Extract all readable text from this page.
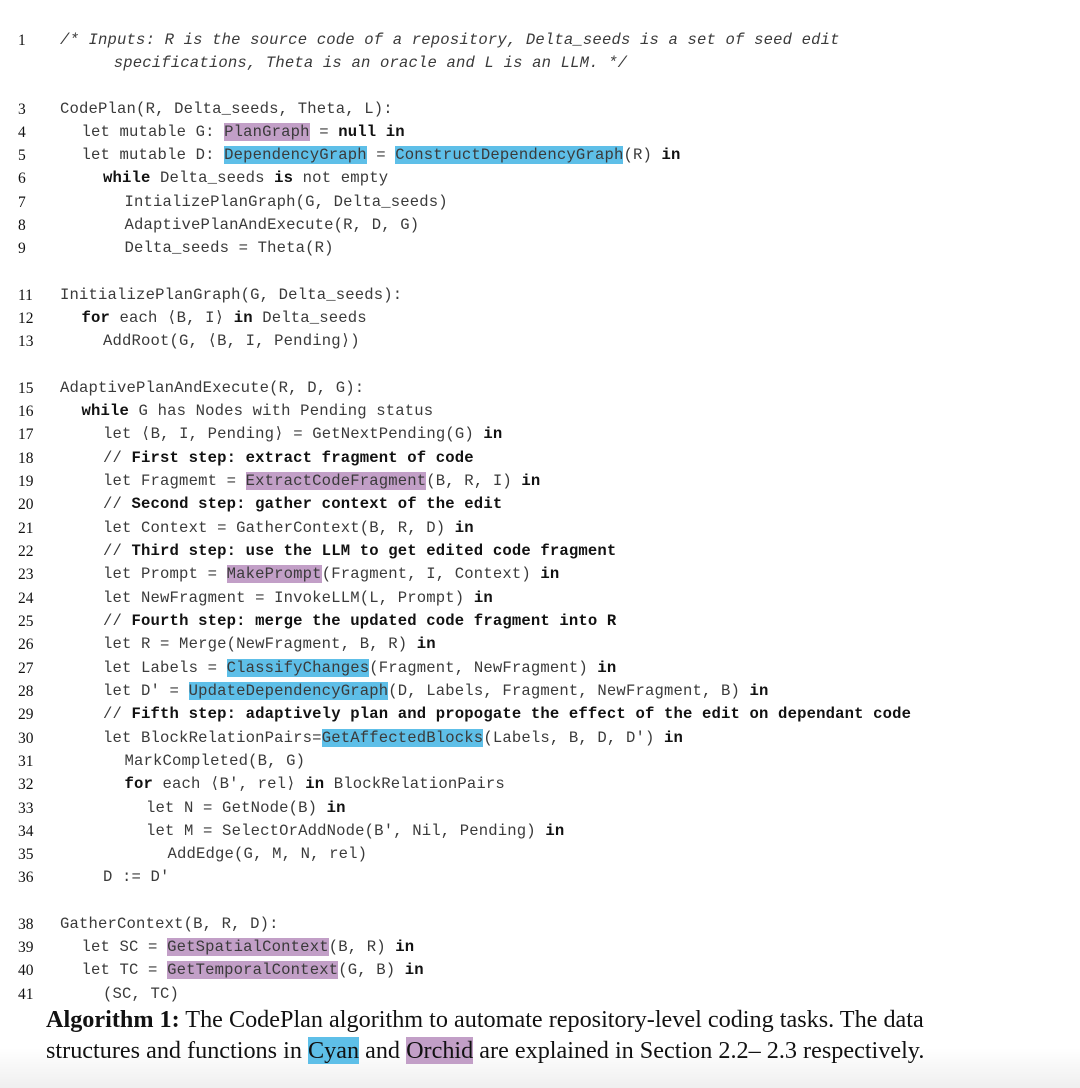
1	/* Inputs: R is the source code of a repository, Delta_seeds is a set of seed edit
specifications, Theta is an oracle and L is an LLM. */
3	CodePlan(R, Delta_seeds, Theta, L):
4	let mutable G: PlanGraph = null in
5	let mutable D: DependencyGraph = ConstructDependencyGraph(R) in
6	while Delta_seeds is not empty
7	IntializePlanGraph(G, Delta_seeds)
8	AdaptivePlanAndExecute(R, D, G)
9	Delta_seeds = Theta(R)
11	InitializePlanGraph(G, Delta_seeds):
12	for each ⟨B, I⟩ in Delta_seeds
13	AddRoot(G, ⟨B, I, Pending⟩)
15	AdaptivePlanAndExecute(R, D, G):
16	while G has Nodes with Pending status
17	let ⟨B, I, Pending⟩ = GetNextPending(G) in
18	// First step: extract fragment of code
19	let Fragmemt = ExtractCodeFragment(B, R, I) in
20	// Second step: gather context of the edit
21	let Context = GatherContext(B, R, D) in
22	// Third step: use the LLM to get edited code fragment
23	let Prompt = MakePrompt(Fragment, I, Context) in
24	let NewFragment = InvokeLLM(L, Prompt) in
25	// Fourth step: merge the updated code fragment into R
26	let R = Merge(NewFragment, B, R) in
27	let Labels = ClassifyChanges(Fragment, NewFragment) in
28	let D' = UpdateDependencyGraph(D, Labels, Fragment, NewFragment, B) in
29	// Fifth step: adaptively plan and propogate the effect of the edit on dependant code
30	let BlockRelationPairs=GetAffectedBlocks(Labels, B, D, D') in
31	MarkCompleted(B, G)
32	for each ⟨B′, rel⟩ in BlockRelationPairs
33	let N = GetNode(B) in
34	let M = SelectOrAddNode(B', Nil, Pending) in
35	AddEdge(G, M, N, rel)
36	D := D'
38	GatherContext(B, R, D):
39	let SC = GetSpatialContext(B, R) in
40	let TC = GetTemporalContext(G, B) in
41	(SC, TC)
Algorithm 1: The CodePlan algorithm to automate repository-level coding tasks. The data
structures and functions in Cyan and Orchid are explained in Section 2.2– 2.3 respectively.
